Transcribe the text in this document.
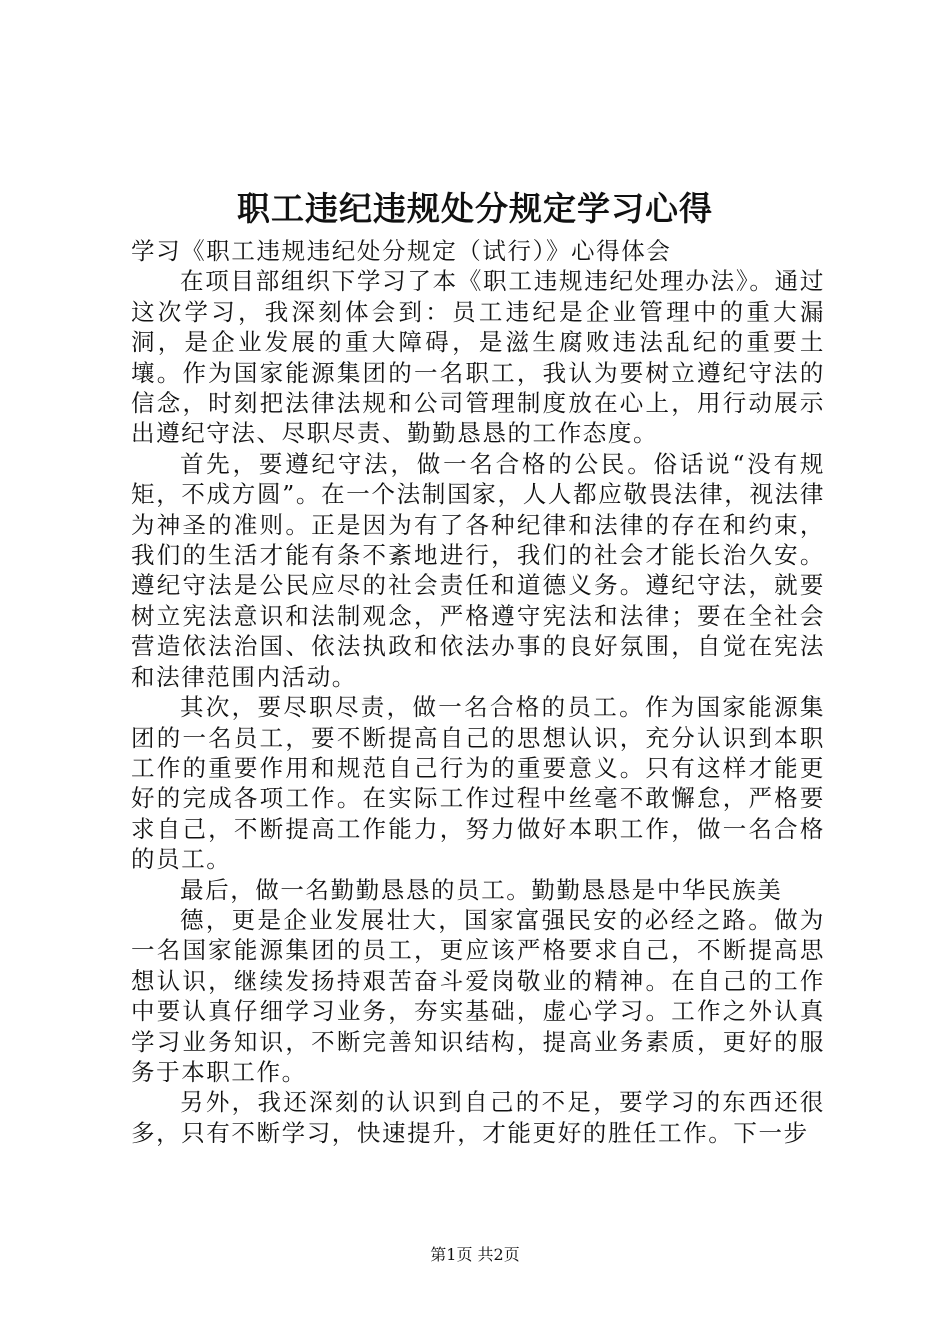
职工违纪违规处分规定学习心得

学习《职工违规违纪处分规定（试行）》心得体会

在项目部组织下学习了本《职工违规违纪处理办法》。通过这次学习，我深刻体会到：员工违纪是企业管理中的重大漏洞，是企业发展的重大障碍，是滋生腐败违法乱纪的重要土壤。作为国家能源集团的一名职工，我认为要树立遵纪守法的信念，时刻把法律法规和公司管理制度放在心上，用行动展示出遵纪守法、尽职尽责、勤勤恳恳的工作态度。

首先，要遵纪守法，做一名合格的公民。俗话说“没有规矩，不成方圆”。在一个法制国家，人人都应敬畏法律，视法律为神圣的准则。正是因为有了各种纪律和法律的存在和约束，我们的生活才能有条不紊地进行，我们的社会才能长治久安。遵纪守法是公民应尽的社会责任和道德义务。遵纪守法，就要树立宪法意识和法制观念，严格遵守宪法和法律；要在全社会营造依法治国、依法执政和依法办事的良好氛围，自觉在宪法和法律范围内活动。

其次，要尽职尽责，做一名合格的员工。作为国家能源集团的一名员工，要不断提高自己的思想认识，充分认识到本职工作的重要作用和规范自己行为的重要意义。只有这样才能更好的完成各项工作。在实际工作过程中丝毫不敢懈怠，严格要求自己，不断提高工作能力，努力做好本职工作，做一名合格的员工。

最后，做一名勤勤恳恳的员工。勤勤恳恳是中华民族美

德，更是企业发展壮大，国家富强民安的必经之路。做为一名国家能源集团的员工，更应该严格要求自己，不断提高思想认识，继续发扬持艰苦奋斗爱岗敬业的精神。在自己的工作中要认真仔细学习业务，夯实基础，虚心学习。工作之外认真学习业务知识，不断完善知识结构，提高业务素质，更好的服务于本职工作。

另外，我还深刻的认识到自己的不足，要学习的东西还很多，只有不断学习，快速提升，才能更好的胜任工作。下一步

第1页 共2页
